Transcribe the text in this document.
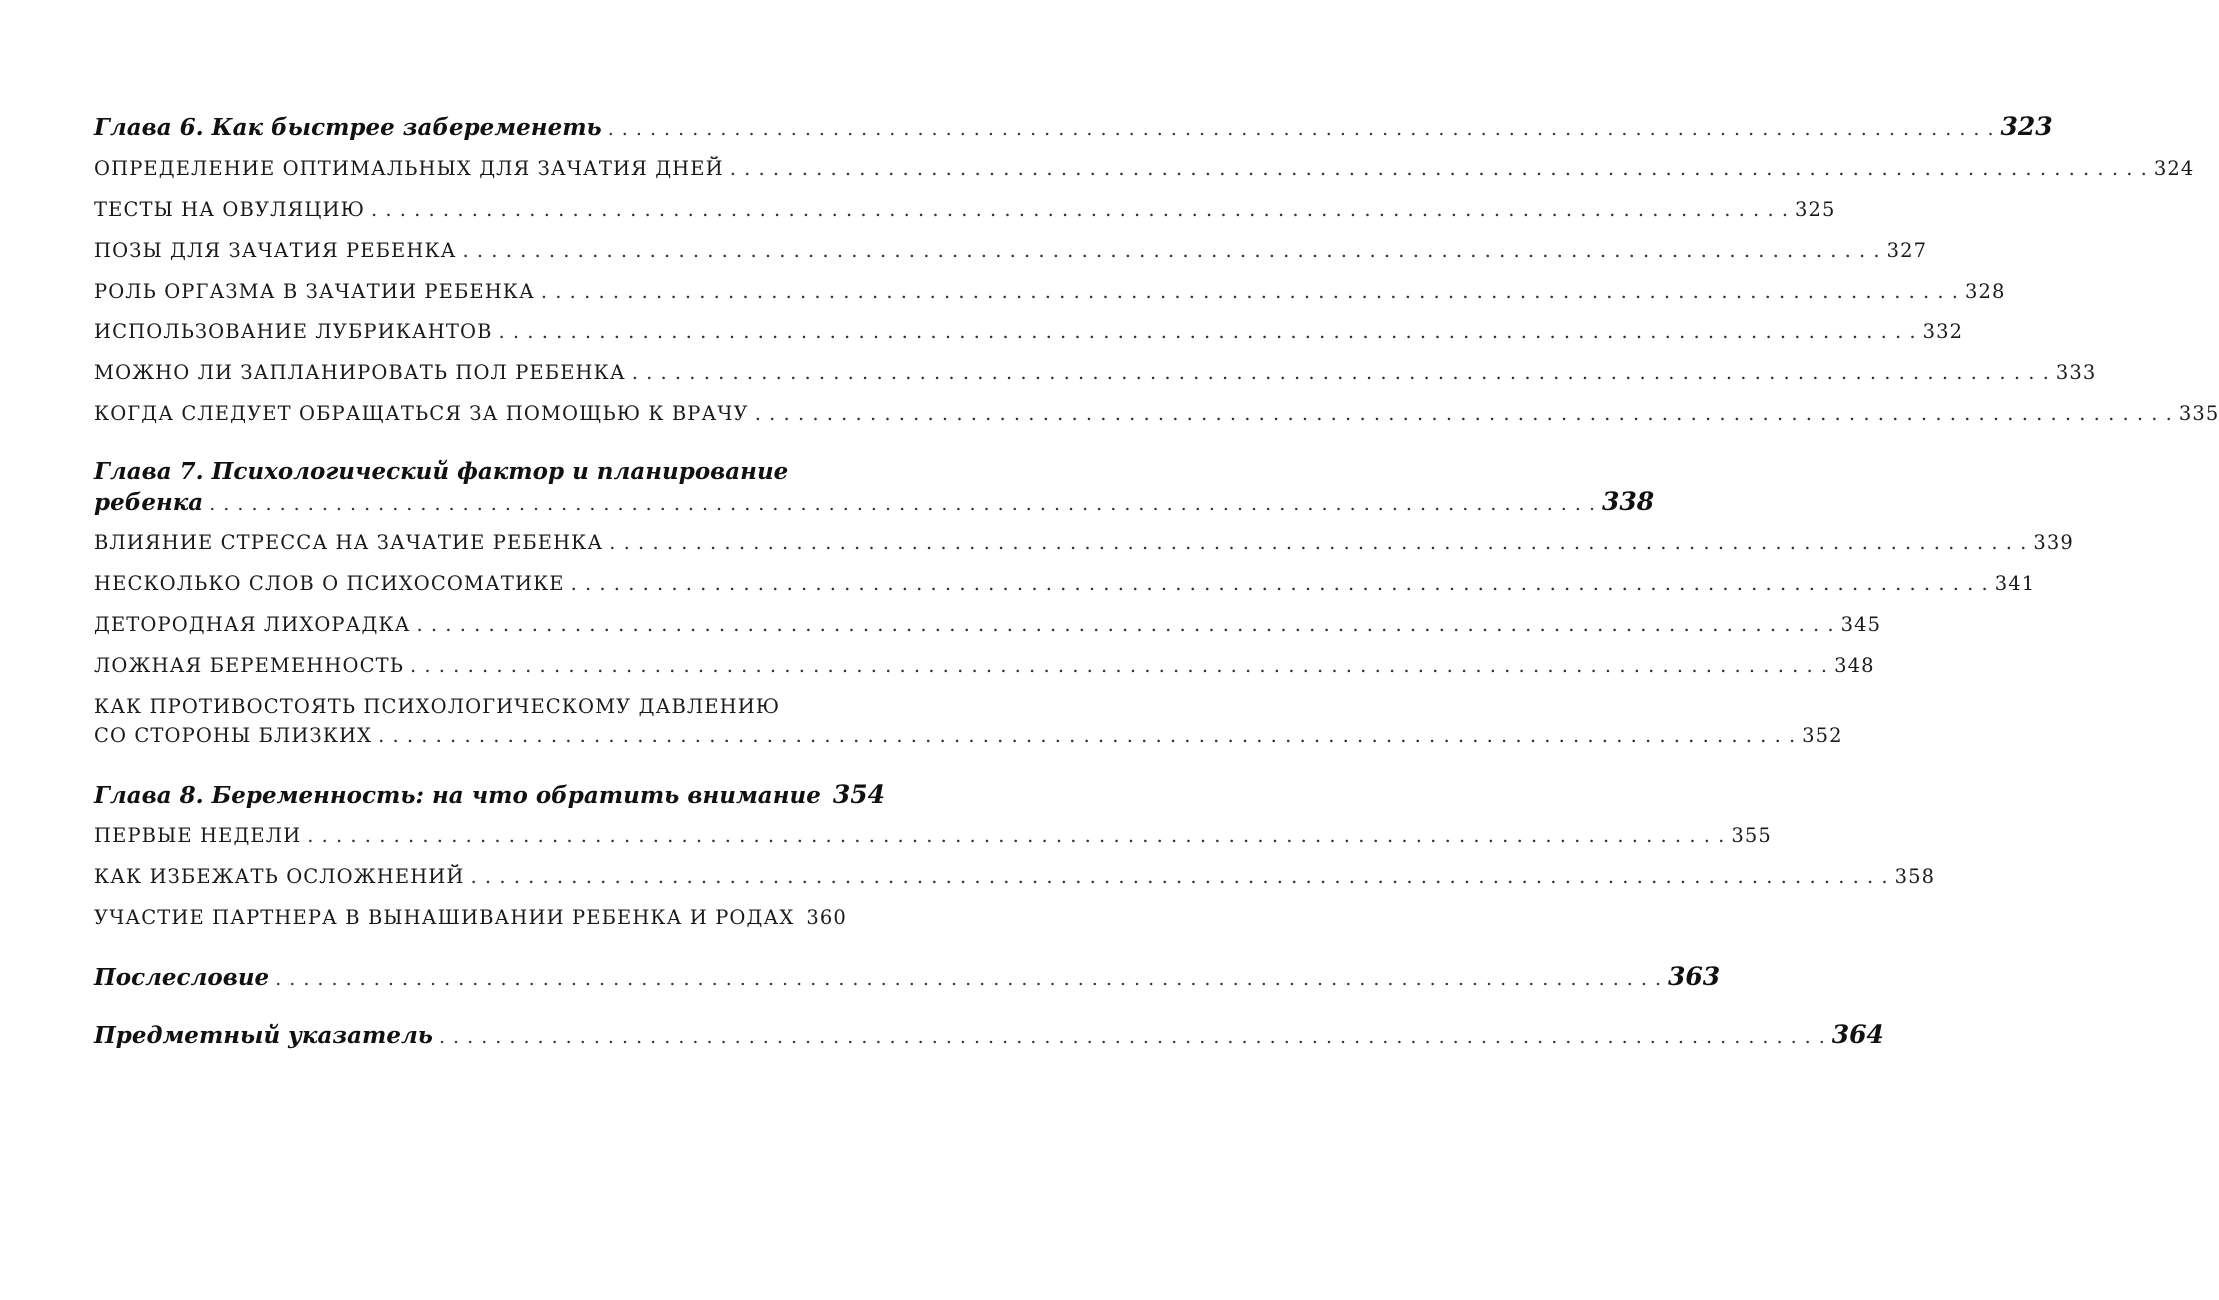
Глава 6. Как быстрее забеременеть . . .	323
ОПРЕДЕЛЕНИЕ ОПТИМАЛЬНЫХ ДЛЯ ЗАЧАТИЯ ДНЕЙ . . .	324
ТЕСТЫ НА ОВУЛЯЦИЮ . . .	325
ПОЗЫ ДЛЯ ЗАЧАТИЯ РЕБЕНКА . . .	327
РОЛЬ ОРГАЗМА В ЗАЧАТИИ РЕБЕНКА . . .	328
ИСПОЛЬЗОВАНИЕ ЛУБРИКАНТОВ . . .	332
МОЖНО ЛИ ЗАПЛАНИРОВАТЬ ПОЛ РЕБЕНКА . . .	333
КОГДА СЛЕДУЕТ ОБРАЩАТЬСЯ ЗА ПОМОЩЬЮ К ВРАЧУ . . .	335
Глава 7. Психологический фактор и планирование
ребенка . . .	338
ВЛИЯНИЕ СТРЕССА НА ЗАЧАТИЕ РЕБЕНКА . . .	339
НЕСКОЛЬКО СЛОВ О ПСИХОСОМАТИКЕ . . .	341
ДЕТОРОДНАЯ ЛИХОРАДКА . . .	345
ЛОЖНАЯ БЕРЕМЕННОСТЬ . . .	348
КАК ПРОТИВОСТОЯТЬ ПСИХОЛОГИЧЕСКОМУ ДАВЛЕНИЮ
СО СТОРОНЫ БЛИЗКИХ . . .	352
Глава 8. Беременность: на что обратить внимание 354
ПЕРВЫЕ НЕДЕЛИ . . .	355
КАК ИЗБЕЖАТЬ ОСЛОЖНЕНИЙ . . .	358
УЧАСТИЕ ПАРТНЕРА В ВЫНАШИВАНИИ РЕБЕНКА И РОДАХ 360
Послесловие . . .	363
Предметный указатель . . .	364
